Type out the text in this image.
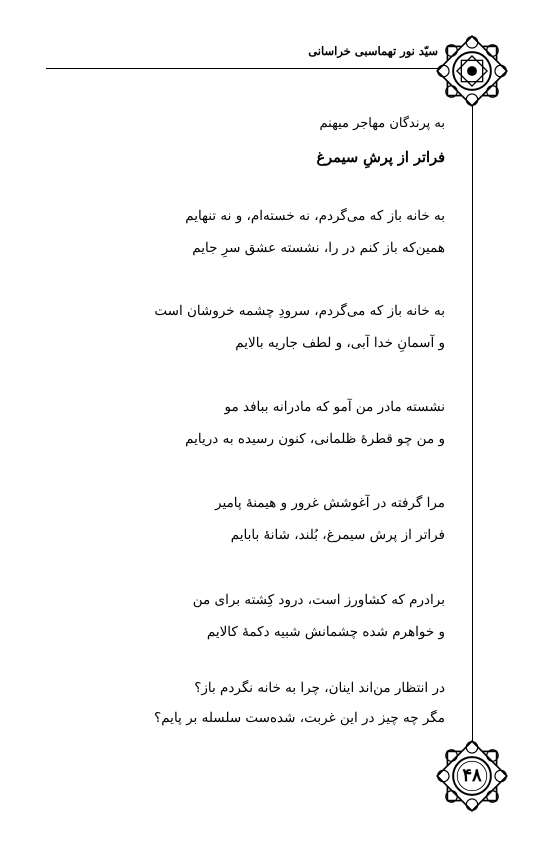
سیّد نور تهماسبی خراسانی
۴۸
به پرندگان مهاجر میهنم
فراتر از پرشِ سیمرغ
به خانه باز که می‌گردم، نه خسته‌ام، و نه تنهایم
همین‌که باز کنم در را، نشسته عشق سرِ جایم
به خانه باز که می‌گردم، سرودِ چشمه خروشان است
و آسمانِ خدا آبی، و لطف جاریه بالایم
نشسته مادر من آمو که مادرانه ببافد مو
و من چو قطرهٔ ظلمانی، کنون رسیده به دریایم
مرا گرفته در آغوشش غرور و هیمنهٔ پامیر
فراتر از پرش سیمرغ، بُلند، شانهٔ بابایم
برادرم که کشاورز است، درود کِشته برای من
و خواهرم شده چشمانش شبیه دکمهٔ کالایم
در انتظار من‌اند اینان، چرا به خانه نگردم باز؟
مگر چه چیز در این غربت، شده‌ست سلسله بر پایم؟
